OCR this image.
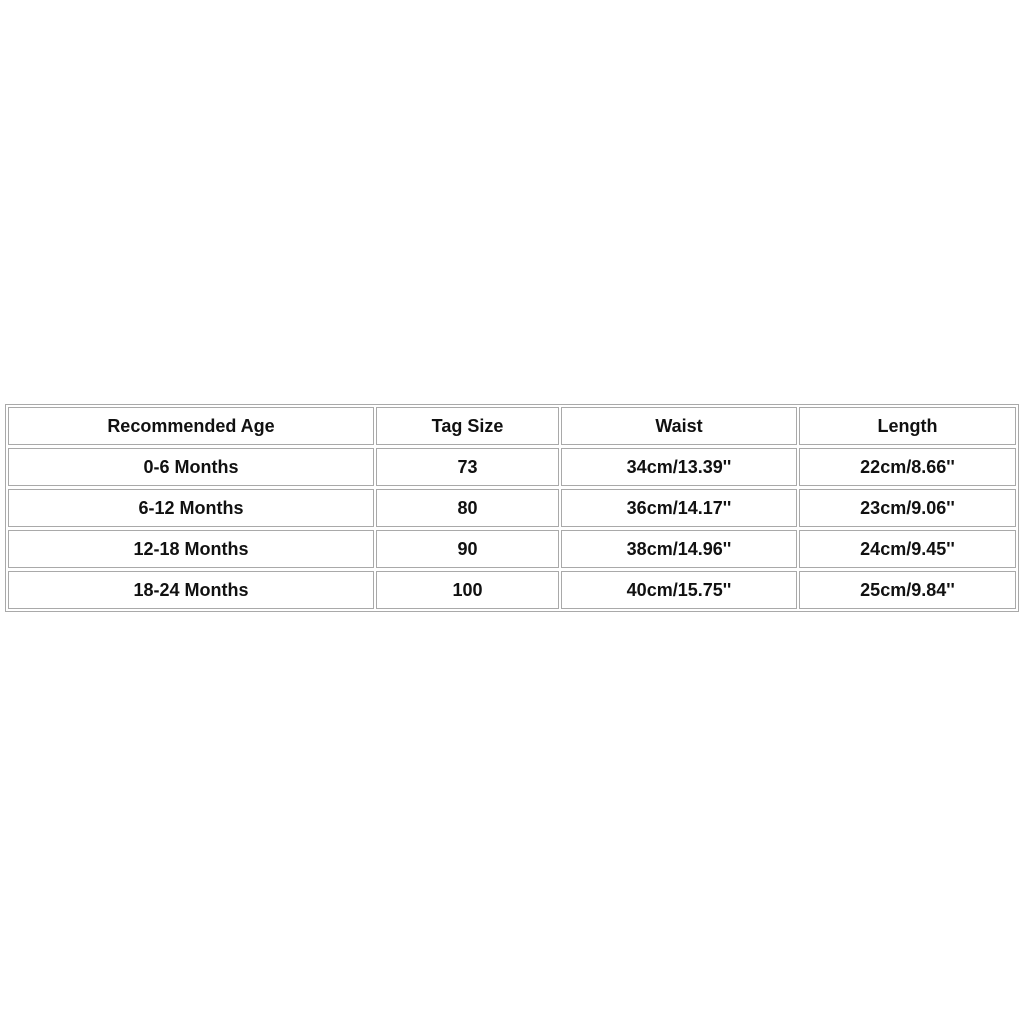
Recommended Age		Tag Size		Waist		Length

0-6 Months		73		34cm/13.39''		22cm/8.66''

6-12 Months		80		36cm/14.17''		23cm/9.06''

12-18 Months		90		38cm/14.96''		24cm/9.45''

18-24 Months		100		40cm/15.75''		25cm/9.84''
